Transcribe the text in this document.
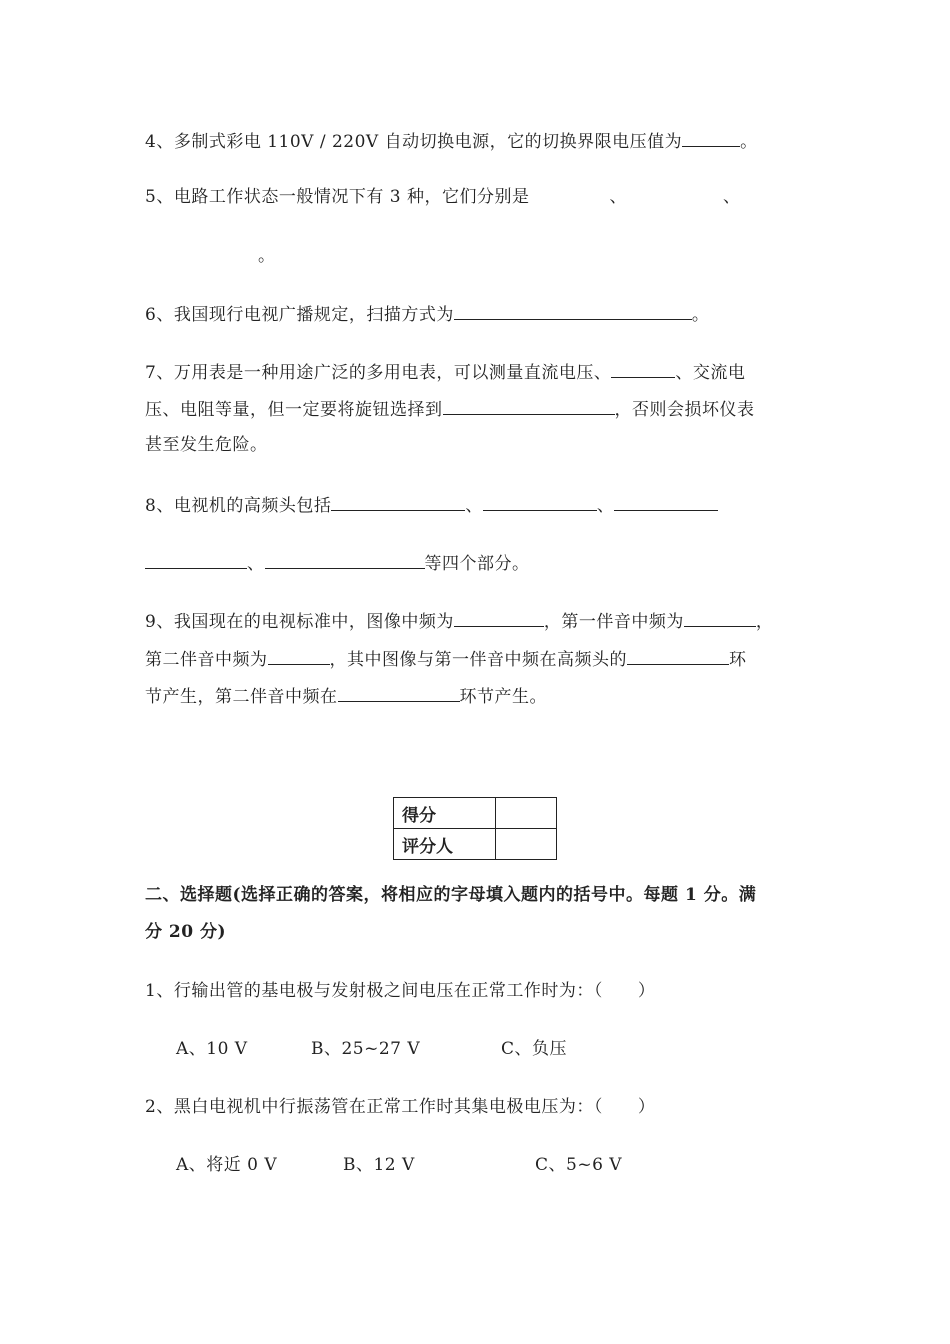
4、多制式彩电 110V / 220V 自动切换电源，它的切换界限电压值为	。
5、电路工作状态一般情况下有 3 种，它们分别是	、	、
。
6、我国现行电视广播规定，扫描方式为	。
7、万用表是一种用途广泛的多用电表，可以测量直流电压、	、交流电
压、电阻等量，但一定要将旋钮选择到	，否则会损坏仪表
甚至发生危险。
8、电视机的高频头包括	、	、
、	等四个部分。
9、我国现在的电视标准中，图像中频为	，第一伴音中频为	，
第二伴音中频为	，其中图像与第一伴音中频在高频头的	环
节产生，第二伴音中频在	环节产生。
得分	
评分人	
二、选择题(选择正确的答案，将相应的字母填入题内的括号中。每题 1 分。满
分 20 分)
1、行输出管的基电极与发射极之间电压在正常工作时为：（　　）
A、10 V	B、25~27 V	C、负压
2、黑白电视机中行振荡管在正常工作时其集电极电压为：（　　）
A、将近 0 V	B、12 V	C、5~6 V
